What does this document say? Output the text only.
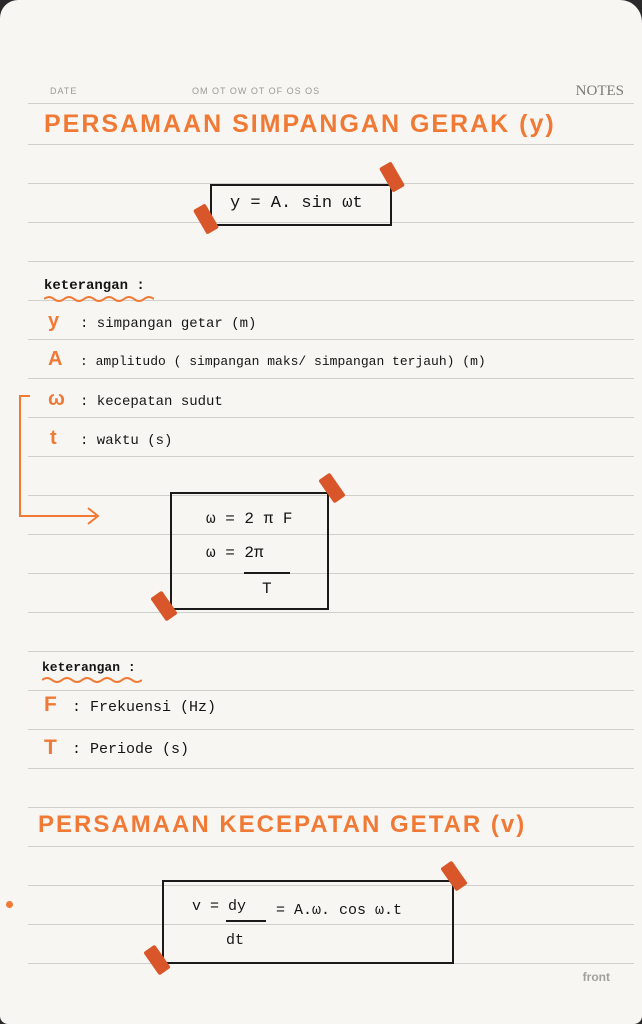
DATE	OM OT OW OT OF OS OS	NOTES
PERSAMAAN SIMPANGAN GERAK (y)
y = A. sin ωt
keterangan :
y : simpangan getar (m)
A : amplitudo ( simpangan maks/ simpangan terjauh) (m)
ω : kecepatan sudut
t : waktu (s)
ω = 2 π F
ω = 2π
T
keterangan :
F : Frekuensi (Hz)
T : Periode (s)
PERSAMAAN KECEPATAN GETAR (v)
v = dy = A.ω. cos ω.t
dt
front
